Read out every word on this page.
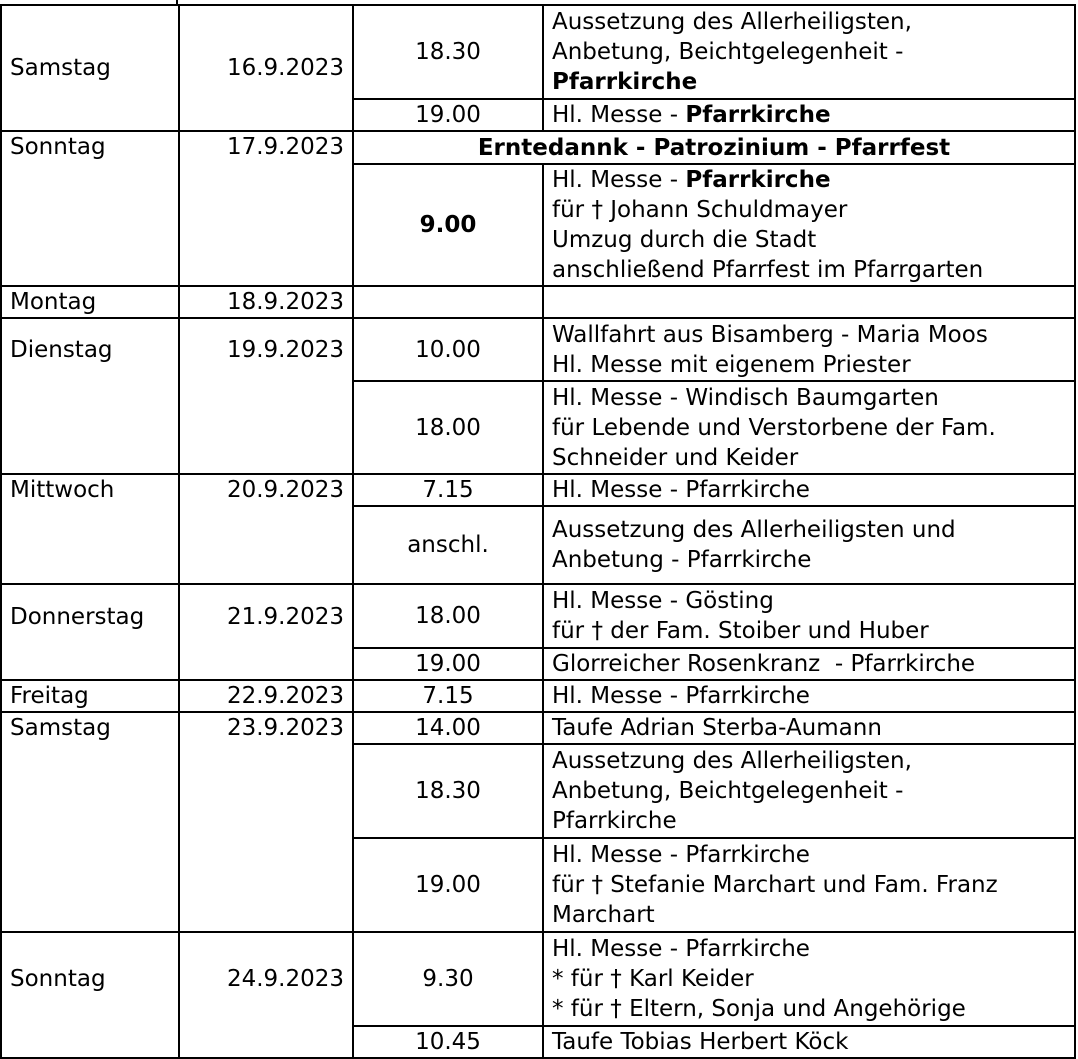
Samstag	16.9.2023	18.30	Aussetzung des Allerheiligsten,
Anbetung, Beichtgelegenheit -
Pfarrkirche

		19.00	Hl. Messe - Pfarrkirche
Sonntag	17.9.2023	Erntedannk - Patrozinium - Pfarrfest	
		9.00	Hl. Messe - Pfarrkirche
für † Johann Schuldmayer
Umzug durch die Stadt
anschließend Pfarrfest im Pfarrgarten

Montag	18.9.2023		
Dienstag	19.9.2023	10.00	Wallfahrt aus Bisamberg - Maria Moos
Hl. Messe mit eigenem Priester

		18.00	Hl. Messe - Windisch Baumgarten
für Lebende und Verstorbene der Fam.
Schneider und Keider

Mittwoch	20.9.2023	7.15	Hl. Messe - Pfarrkirche
		anschl.	Aussetzung des Allerheiligsten und
Anbetung - Pfarrkirche

Donnerstag	21.9.2023	18.00	Hl. Messe - Gösting
für † der Fam. Stoiber und Huber

		19.00	Glorreicher Rosenkranz  - Pfarrkirche
Freitag	22.9.2023	7.15	Hl. Messe - Pfarrkirche
Samstag	23.9.2023	14.00	Taufe Adrian Sterba-Aumann
		18.30	Aussetzung des Allerheiligsten,
Anbetung, Beichtgelegenheit -
Pfarrkirche

		19.00	Hl. Messe - Pfarrkirche
für † Stefanie Marchart und Fam. Franz
Marchart

Sonntag	24.9.2023	9.30	Hl. Messe - Pfarrkirche
* für † Karl Keider
* für † Eltern, Sonja und Angehörige

		10.45	Taufe Tobias Herbert Köck
